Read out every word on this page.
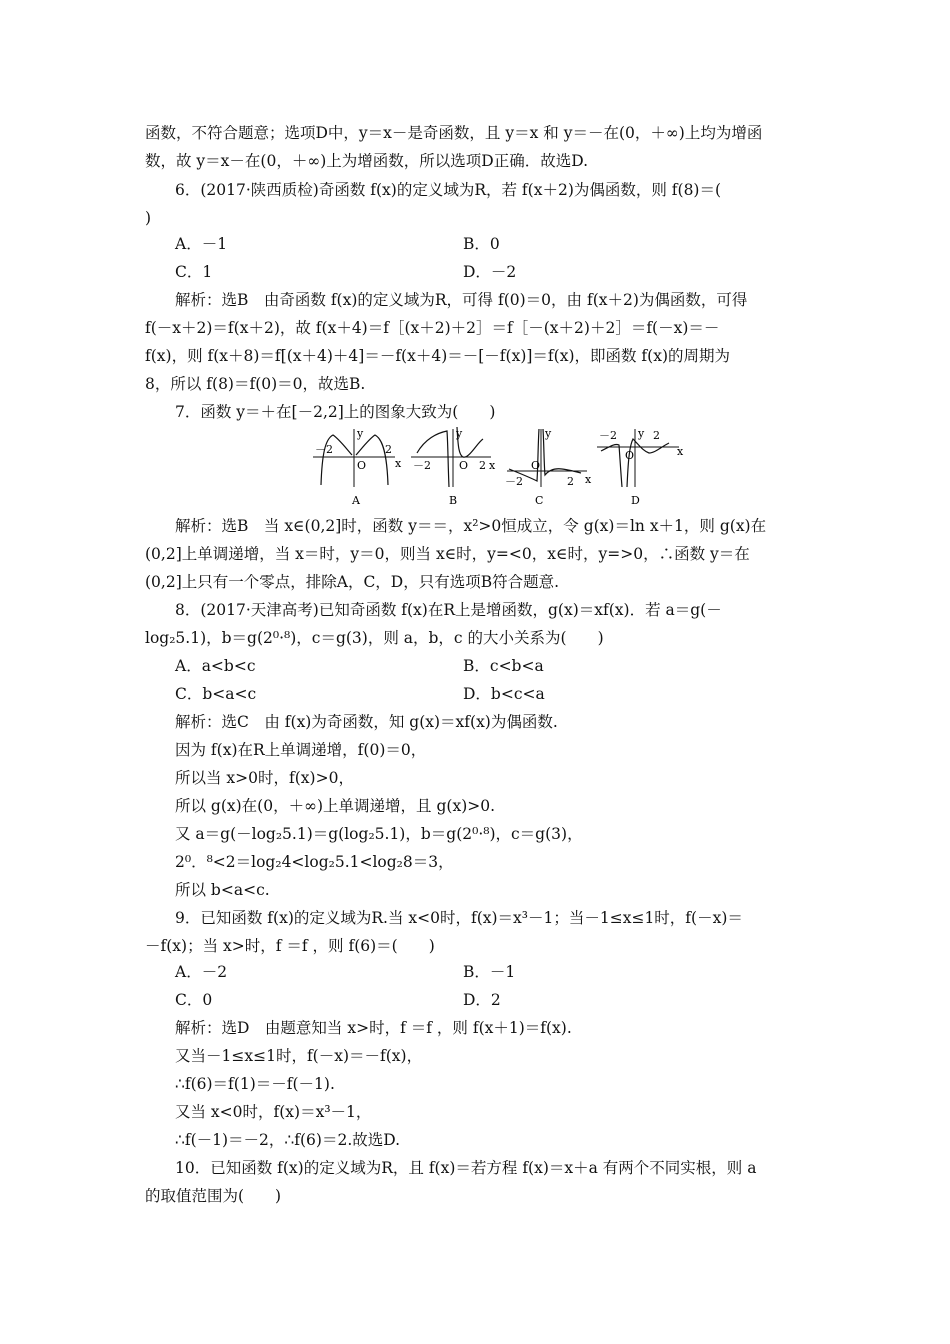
函数，不符合题意；选项D中，y＝x－是奇函数，且 y＝x 和 y＝－在(0，＋∞)上均为增函
数，故 y＝x－在(0，＋∞)上为增函数，所以选项D正确．故选D.
6．(2017·陕西质检)奇函数 f(x)的定义域为R，若 f(x＋2)为偶函数，则 f(8)＝(
)
解析：选B　由奇函数 f(x)的定义域为R，可得 f(0)＝0，由 f(x＋2)为偶函数，可得
f(－x＋2)＝f(x＋2)，故 f(x＋4)＝f［(x＋2)＋2］＝f［－(x＋2)＋2］＝f(－x)＝－
f(x)，则 f(x＋8)＝f[(x＋4)＋4]＝－f(x＋4)＝－[－f(x)]＝f(x)，即函数 f(x)的周期为
8，所以 f(8)＝f(0)＝0，故选B.
7．函数 y＝＋在[－2,2]上的图象大致为(　　)
解析：选B　当 x∈(0,2]时，函数 y＝＝，x²>0恒成立，令 g(x)＝ln x＋1，则 g(x)在
(0,2]上单调递增，当 x＝时，y＝0，则当 x∈时，y=<0，x∈时，y=>0，∴函数 y＝在
(0,2]上只有一个零点，排除A，C，D，只有选项B符合题意.
8．(2017·天津高考)已知奇函数 f(x)在R上是增函数，g(x)＝xf(x)．若 a＝g(－
log₂5.1)，b＝g(2⁰·⁸)，c＝g(3)，则 a，b，c 的大小关系为(　　)
解析：选C　由 f(x)为奇函数，知 g(x)＝xf(x)为偶函数.
因为 f(x)在R上单调递增，f(0)＝0，
所以当 x>0时，f(x)>0，
所以 g(x)在(0，＋∞)上单调递增，且 g(x)>0.
又 a＝g(－log₂5.1)＝g(log₂5.1)，b＝g(2⁰·⁸)，c＝g(3)，
2⁰．⁸<2＝log₂4<log₂5.1<log₂8＝3，
所以 b<a<c.
9．已知函数 f(x)的定义域为R.当 x<0时，f(x)＝x³－1；当－1≤x≤1时，f(－x)＝
－f(x)；当 x>时，f ＝f ，则 f(6)＝(　　)
解析：选D　由题意知当 x>时，f ＝f ，则 f(x＋1)＝f(x).
又当－1≤x≤1时，f(－x)＝－f(x)，
∴f(6)＝f(1)＝－f(－1).
又当 x<0时，f(x)＝x³－1，
∴f(－1)＝－2，∴f(6)＝2.故选D.
10．已知函数 f(x)的定义域为R，且 f(x)＝若方程 f(x)＝x＋a 有两个不同实根，则 a
的取值范围为(　　)
A．－1	B．0
C．1	D．－2
A．a<b<c	B．c<b<a
C．b<a<c	D．b<c<a
A．－2	B．－1
C．0	D．2
－2	2
O	x
y
A
－2	2
O x
y
B
－2	2
O
x
y
C
－2	2
O	x
y
D
